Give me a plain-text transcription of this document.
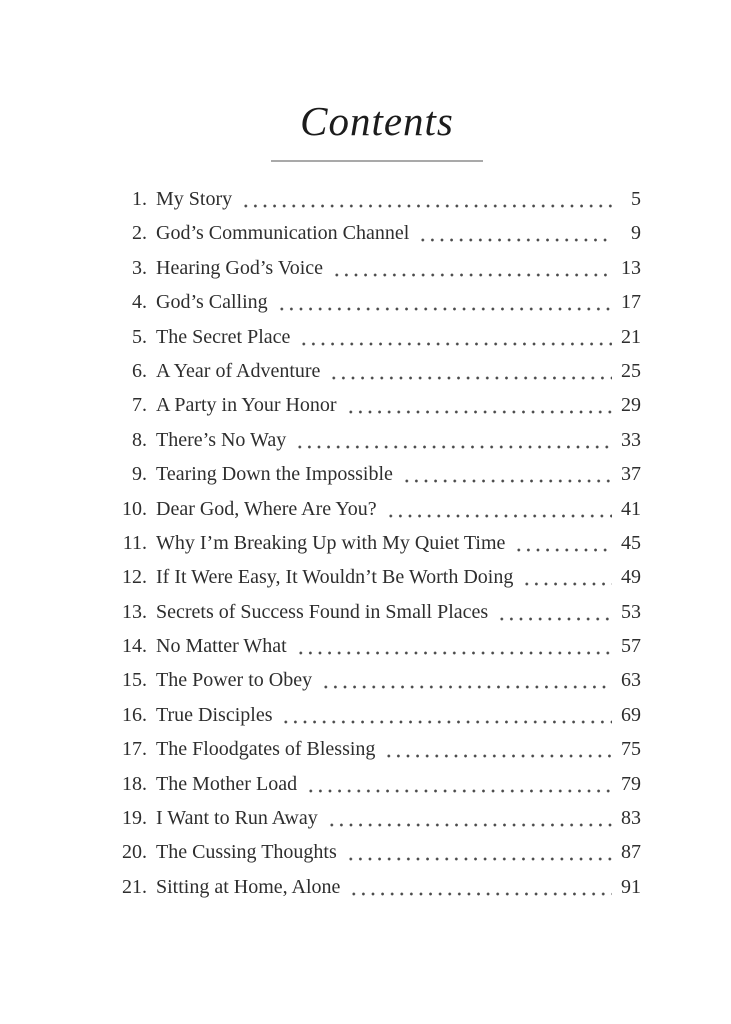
Contents
1. My Story	5
2. God’s Communication Channel	9
3. Hearing God’s Voice	13
4. God’s Calling	17
5. The Secret Place	21
6. A Year of Adventure	25
7. A Party in Your Honor	29
8. There’s No Way	33
9. Tearing Down the Impossible	37
10. Dear God, Where Are You?	41
11. Why I’m Breaking Up with My Quiet Time	45
12. If It Were Easy, It Wouldn’t Be Worth Doing	49
13. Secrets of Success Found in Small Places	53
14. No Matter What	57
15. The Power to Obey	63
16. True Disciples	69
17. The Floodgates of Blessing	75
18. The Mother Load	79
19. I Want to Run Away	83
20. The Cussing Thoughts	87
21. Sitting at Home, Alone	91
